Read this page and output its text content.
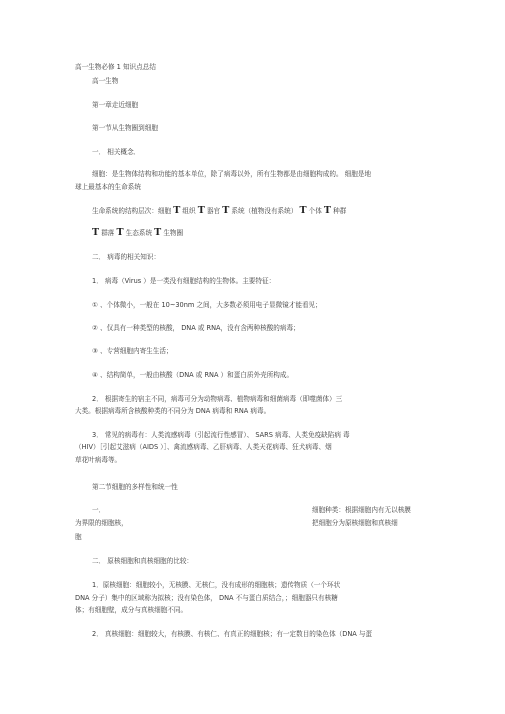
高一生物必修 1 知识点总结
高一生物
第一章走近细胞
第一节从生物圈到细胞
一． 相关概念．
细胞：是生物体结构和功能的基本单位，除了病毒以外，所有生物都是由细胞构成的。 细胞是地
球上最基本的生命系统
生命系统的结构层次：细胞 T 组织 T 器官 T 系统（植物没有系统） T 个体 T 种群
T 群落 T 生态系统 T 生物圈
二． 病毒的相关知识：
1． 病毒（Virus ）是一类没有细胞结构的生物体。主要特征：
① 、个体微小，一般在 10~30nm 之间，大多数必须用电子显微镜才能看见；
② 、仅具有一种类型的核酸， DNA 或 RNA，没有含两种核酸的病毒；
③ 、专营细胞内寄生生活；
④ 、结构简单，一般由核酸（DNA 或 RNA ）和蛋白质外壳所构成。
2． 根据寄生的宿主不同，病毒可分为动物病毒、植物病毒和细菌病毒（即噬菌体）三
大类。根据病毒所含核酸种类的不同分为 DNA 病毒和 RNA 病毒。
3． 常见的病毒有：人类流感病毒（引起流行性感冒）、 SARS 病毒、人类免疫缺陷病 毒
（HIV）［引起艾滋病（AIDS ）］、禽流感病毒、乙肝病毒、人类天花病毒、狂犬病毒、烟
草花叶病毒等。
第二节细胞的多样性和统一性
一．	细胞种类：根据细胞内有无以核膜
为界限的细胞核，	把细胞分为原核细胞和真核细
胞
二． 原核细胞和真核细胞的比较：
1．原核细胞：细胞较小，无核膜、无核仁，没有成形的细胞核；遗传物质（一个环状
DNA 分子）集中的区域称为拟核；没有染色体， DNA 不与蛋白质结合，；细胞器只有核糖
体；有细胞壁，成分与真核细胞不同。
2． 真核细胞：细胞较大，有核膜、有核仁、有真正的细胞核；有一定数目的染色体（DNA 与蛋
